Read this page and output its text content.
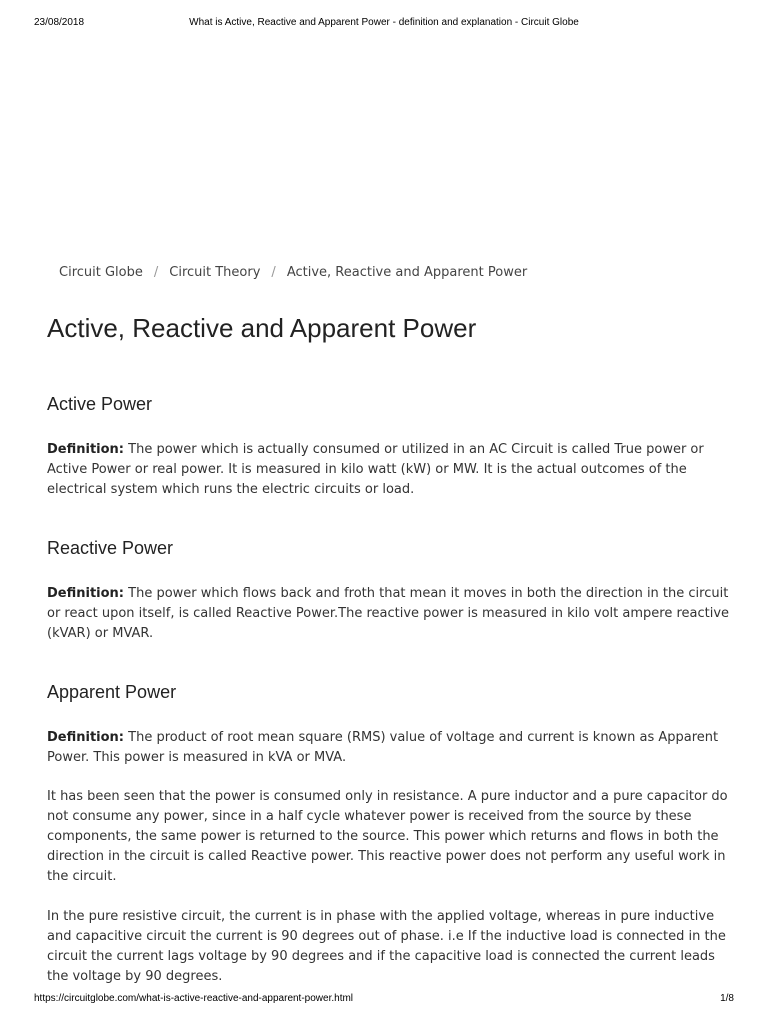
23/08/2018	What is Active, Reactive and Apparent Power - definition and explanation - Circuit Globe
Circuit Globe / Circuit Theory / Active, Reactive and Apparent Power
Active, Reactive and Apparent Power
Active Power

Definition: The power which is actually consumed or utilized in an AC Circuit is called True power or Active Power or real power. It is measured in kilo watt (kW) or MW. It is the actual outcomes of the electrical system which runs the electric circuits or load.

Reactive Power

Definition: The power which flows back and froth that mean it moves in both the direction in the circuit or react upon itself, is called Reactive Power.The reactive power is measured in kilo volt ampere reactive (kVAR) or MVAR.

Apparent Power

Definition: The product of root mean square (RMS) value of voltage and current is known as Apparent Power. This power is measured in kVA or MVA.

It has been seen that the power is consumed only in resistance. A pure inductor and a pure capacitor do not consume any power, since in a half cycle whatever power is received from the source by these components, the same power is returned to the source. This power which returns and flows in both the direction in the circuit is called Reactive power. This reactive power does not perform any useful work in the circuit.

In the pure resistive circuit, the current is in phase with the applied voltage, whereas in pure inductive and capacitive circuit the current is 90 degrees out of phase. i.e If the inductive load is connected in the circuit the current lags voltage by 90 degrees and if the capacitive load is connected the current leads the voltage by 90 degrees.

https://circuitglobe.com/what-is-active-reactive-and-apparent-power.html	1/8
